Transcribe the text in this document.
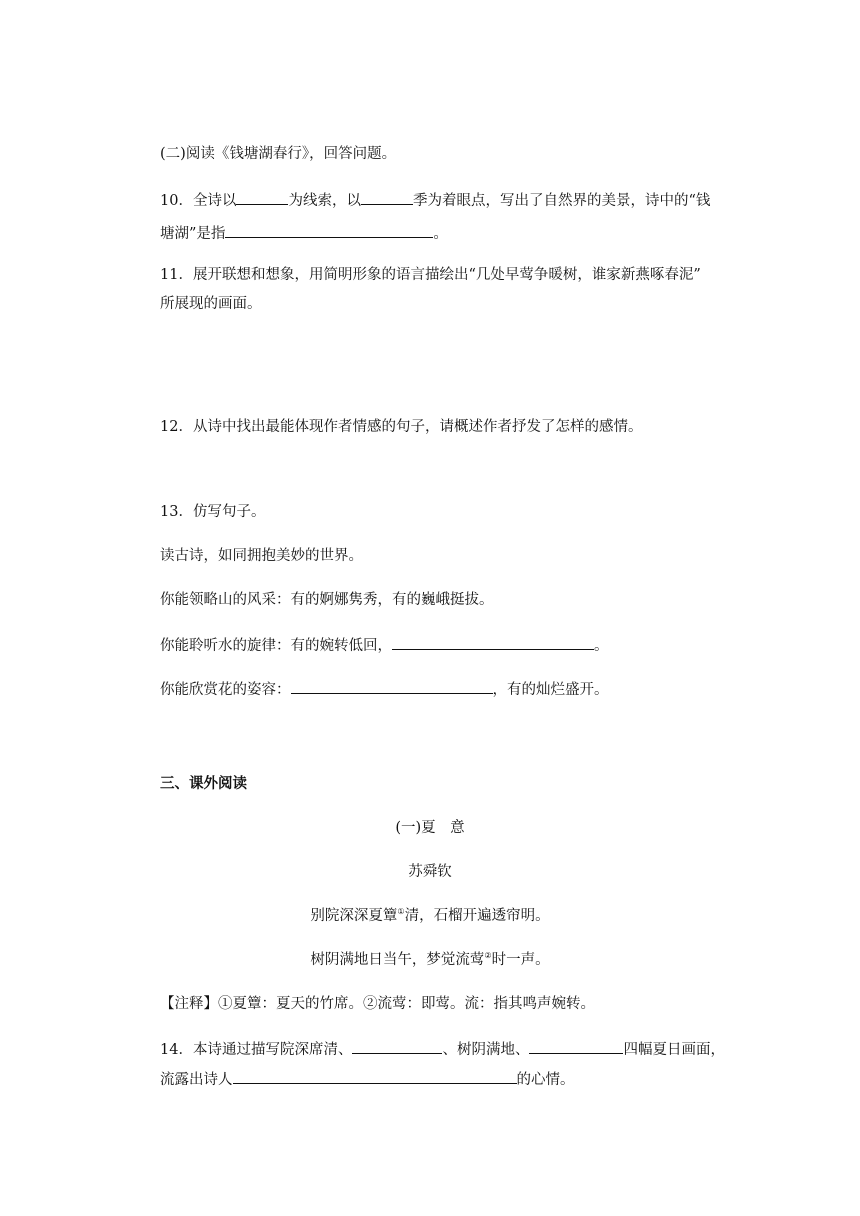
(二)阅读《钱塘湖春行》，回答问题。
10．全诗以	为线索，以	季为着眼点，写出了自然界的美景，诗中的“钱
塘湖”是指	。
11．展开联想和想象，用简明形象的语言描绘出“几处早莺争暖树，谁家新燕啄春泥”
所展现的画面。
12．从诗中找出最能体现作者情感的句子，请概述作者抒发了怎样的感情。
13．仿写句子。
读古诗，如同拥抱美妙的世界。
你能领略山的风采：有的婀娜隽秀，有的巍峨挺拔。
你能聆听水的旋律：有的婉转低回，	。
你能欣赏花的姿容：	，有的灿烂盛开。
三、课外阅读
(一)夏　意
苏舜钦
别院深深夏簟①清，石榴开遍透帘明。
树阴满地日当午，梦觉流莺②时一声。
【注释】①夏簟：夏天的竹席。②流莺：即莺。流：指其鸣声婉转。
14．本诗通过描写院深席清、	、树阴满地、	四幅夏日画面，
流露出诗人	的心情。
